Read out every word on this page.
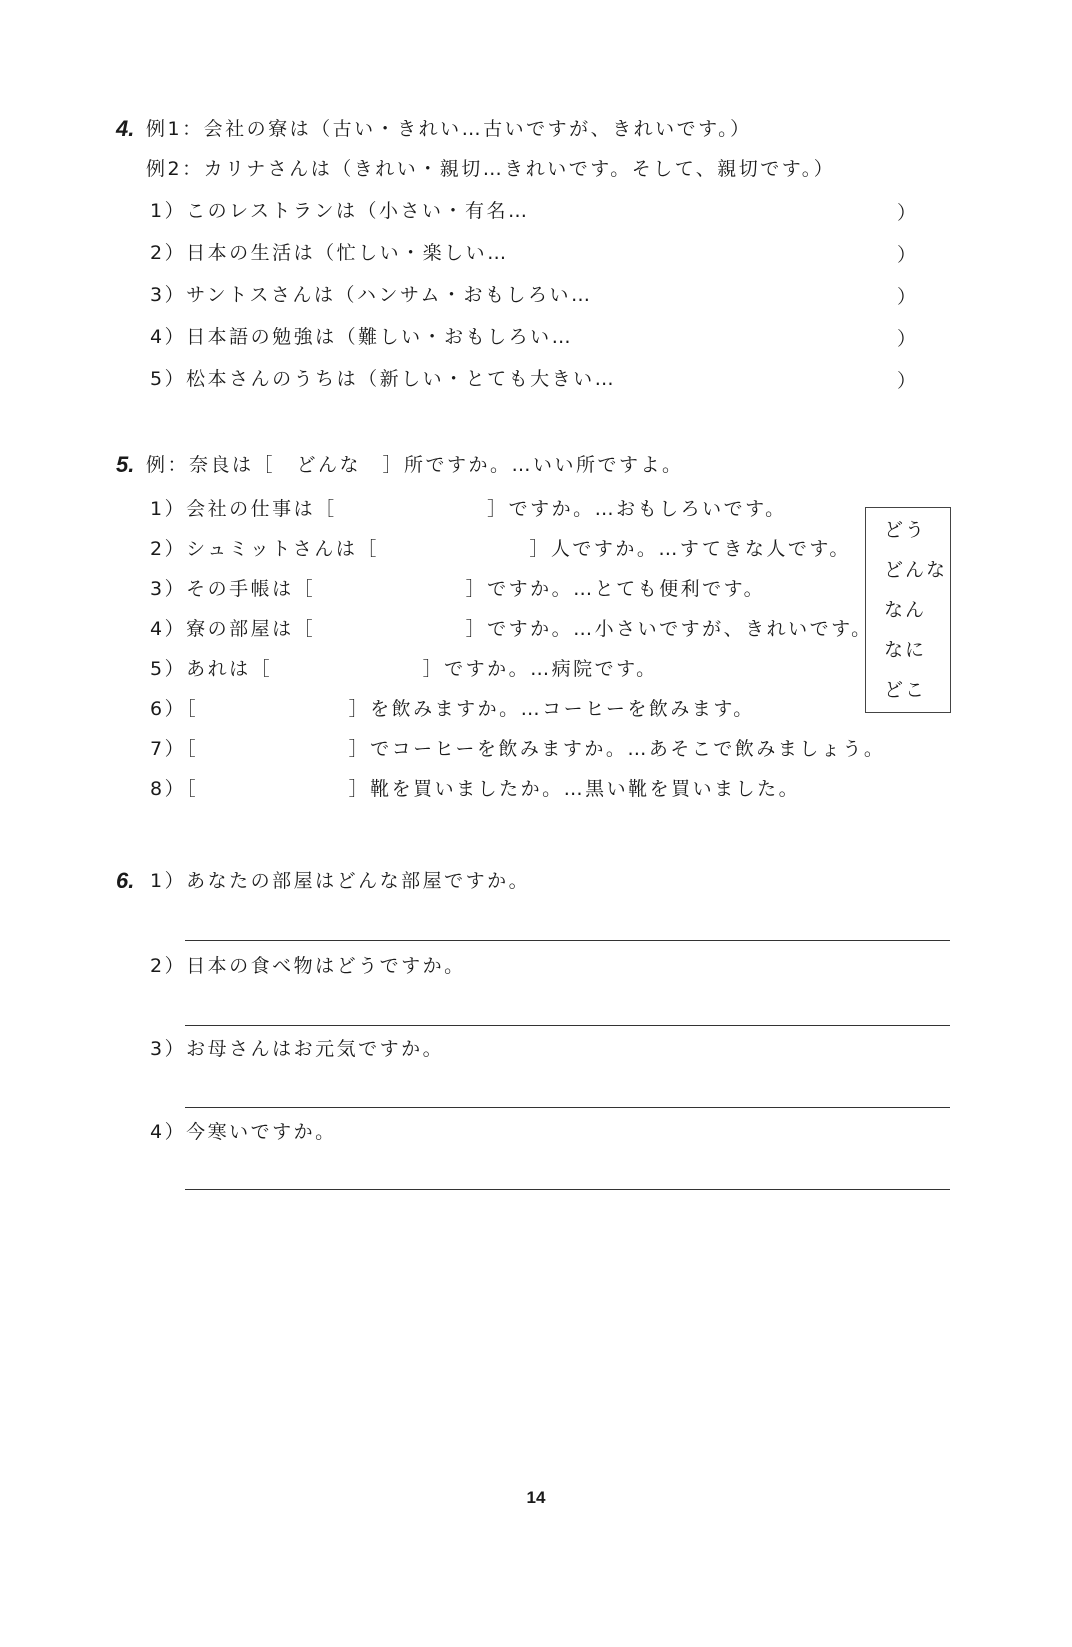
4. 例1：会社の寮は（古い・きれい…古いですが、きれいです。）
例2：カリナさんは（きれい・親切…きれいです。そして、親切です。）
1）このレストランは（小さい・有名…	）
2）日本の生活は（忙しい・楽しい…	）
3）サントスさんは（ハンサム・おもしろい…	）
4）日本語の勉強は（難しい・おもしろい…	）
5）松本さんのうちは（新しい・とても大きい…	）
5. 例：奈良は［　どんな　］所ですか。…いい所ですよ。
1）会社の仕事は［　　　　　　　］ですか。…おもしろいです。
2）シュミットさんは［　　　　　　　］人ですか。…すてきな人です。
3）その手帳は［　　　　　　　］ですか。…とても便利です。
4）寮の部屋は［　　　　　　　］ですか。…小さいですが、きれいです。
5）あれは［　　　　　　　］ですか。…病院です。
6）［　　　　　　　］を飲みますか。…コーヒーを飲みます。
7）［　　　　　　　］でコーヒーを飲みますか。…あそこで飲みましょう。
8）［　　　　　　　］靴を買いましたか。…黒い靴を買いました。
どう
どんな
なん
なに
どこ
6. 1）あなたの部屋はどんな部屋ですか。
2）日本の食べ物はどうですか。
3）お母さんはお元気ですか。
4）今寒いですか。
14
